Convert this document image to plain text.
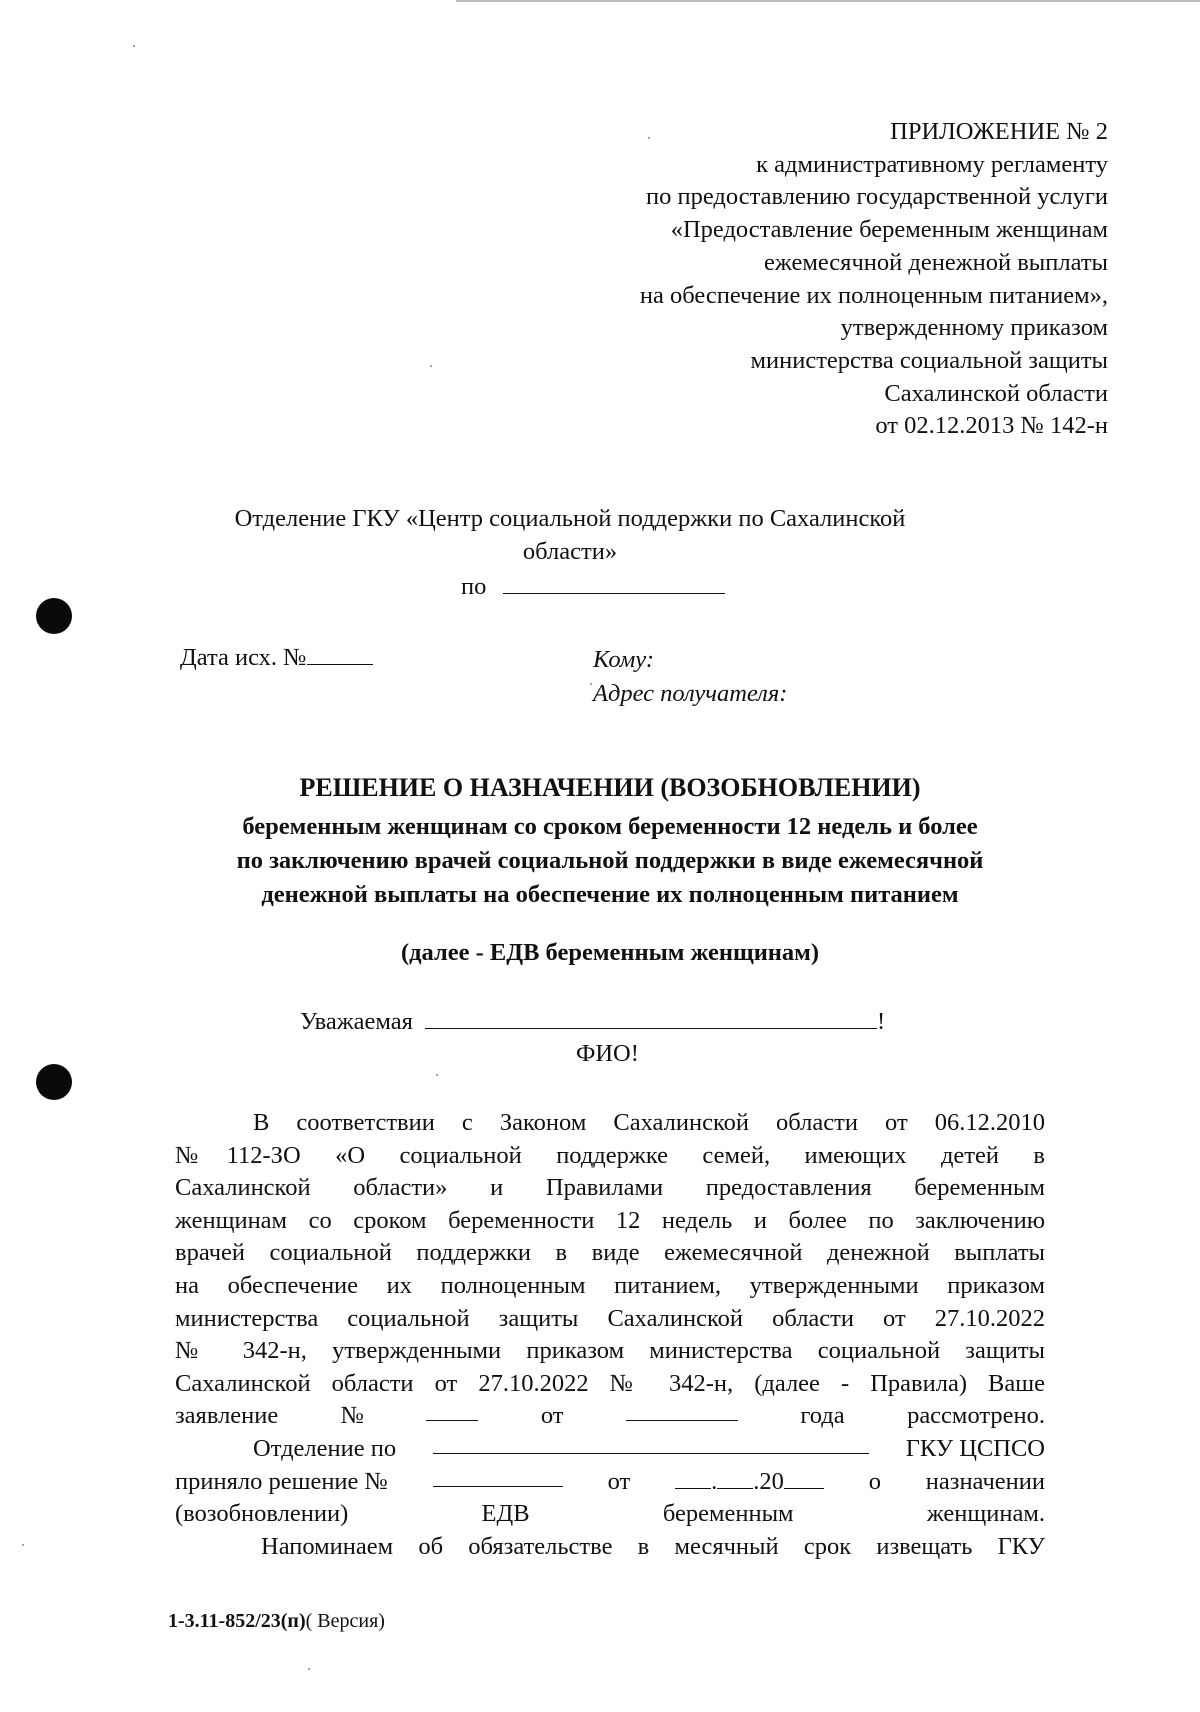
ПРИЛОЖЕНИЕ № 2
к административному регламенту
по предоставлению государственной услуги
«Предоставление беременным женщинам
ежемесячной денежной выплаты
на обеспечение их полноценным питанием»,
утвержденному приказом
министерства социальной защиты
Сахалинской области
от 02.12.2013 № 142-н
Отделение ГКУ «Центр социальной поддержки по Сахалинской
области»
по
Дата исх. №	Кому:
Адрес получателя:
РЕШЕНИЕ О НАЗНАЧЕНИИ (ВОЗОБНОВЛЕНИИ)
беременным женщинам со сроком беременности 12 недель и более
по заключению врачей социальной поддержки в виде ежемесячной
денежной выплаты на обеспечение их полноценным питанием
(далее - ЕДВ беременным женщинам)
Уважаемая	!
ФИО!
В соответствии с Законом Сахалинской области от 06.12.2010
№112-ЗО «О социальной поддержке семей, имеющих детей в
Сахалинской области» и Правилами предоставления беременным
женщинам со сроком беременности 12 недель и более по заключению
врачей социальной поддержки в виде ежемесячной денежной выплаты
на обеспечение их полноценным питанием, утвержденными приказом
министерства социальной защиты Сахалинской области от 27.10.2022
№ 342-н, утвержденными приказом министерства социальной защиты
Сахалинской области от 27.10.2022 № 342-н, (далее - Правила) Ваше
заявление	№	от	года	рассмотрено.
Отделение по	ГКУ ЦСПСО
приняло решение №	от	. .20	о назначении
(возобновлении)	ЕДВ	беременным	женщинам.
Напоминаем об обязательстве в месячный срок извещать ГКУ
1-3.11-852/23(п)( Версия)
